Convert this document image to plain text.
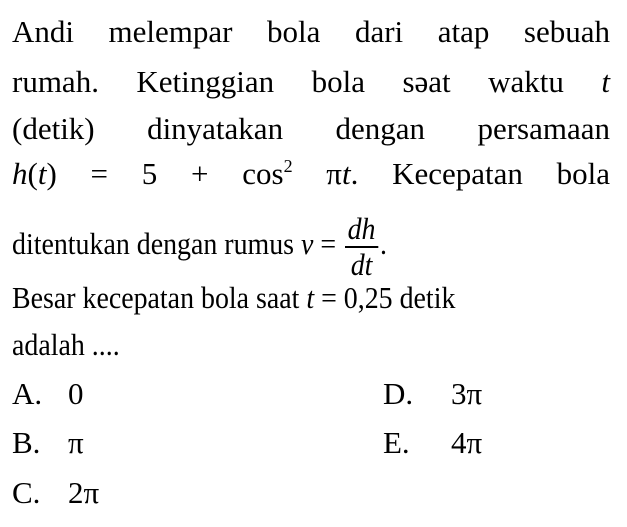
Andi melempar bola dari atap sebuah
rumah. Ketinggian bola səat waktu t
(detik) dinyatakan dengan persamaan
$h(t) = 5 + \cos^2 \pi t$. Kecepatan bola
ditentukan dengan rumus $v = \frac{dh}{dt}$ .
Besar kecepatan bola saat t = 0,25 detik
adalah ....
A. 0
B. π
C. 2π
D. 3π
E. 4π
